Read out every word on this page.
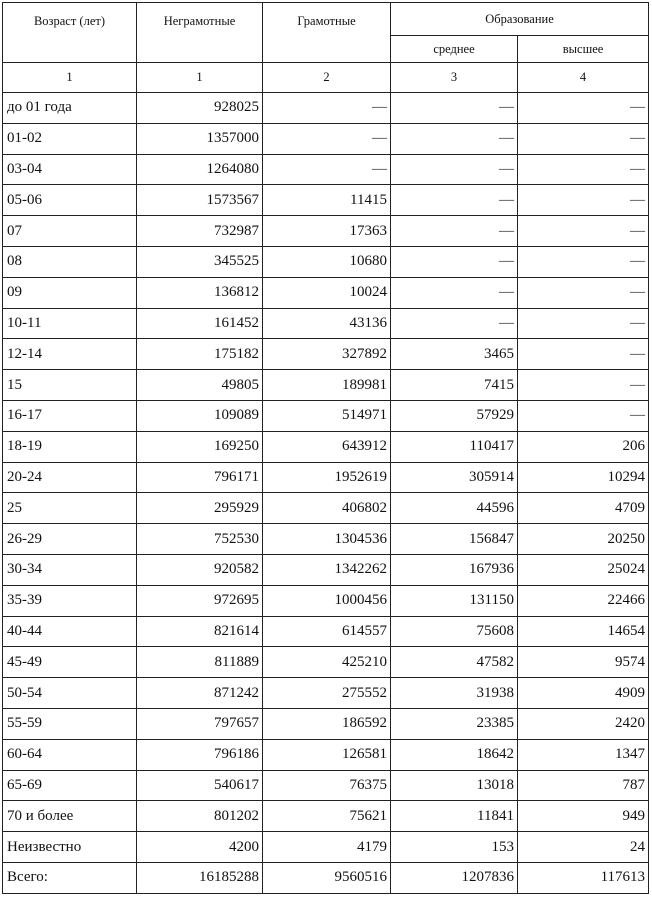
Возраст (лет)	Неграмотные	Грамотные	Образование	
			среднее	высшее
1	1	2	3	4
до 01 года	928025	—	—	—
01-02	1357000	—	—	—
03-04	1264080	—	—	—
05-06	1573567	11415	—	—
07	732987	17363	—	—
08	345525	10680	—	—
09	136812	10024	—	—
10-11	161452	43136	—	—
12-14	175182	327892	3465	—
15	49805	189981	7415	—
16-17	109089	514971	57929	—
18-19	169250	643912	110417	206
20-24	796171	1952619	305914	10294
25	295929	406802	44596	4709
26-29	752530	1304536	156847	20250
30-34	920582	1342262	167936	25024
35-39	972695	1000456	131150	22466
40-44	821614	614557	75608	14654
45-49	811889	425210	47582	9574
50-54	871242	275552	31938	4909
55-59	797657	186592	23385	2420
60-64	796186	126581	18642	1347
65-69	540617	76375	13018	787
70 и более	801202	75621	11841	949
Неизвестно	4200	4179	153	24
Всего:	16185288	9560516	1207836	117613
